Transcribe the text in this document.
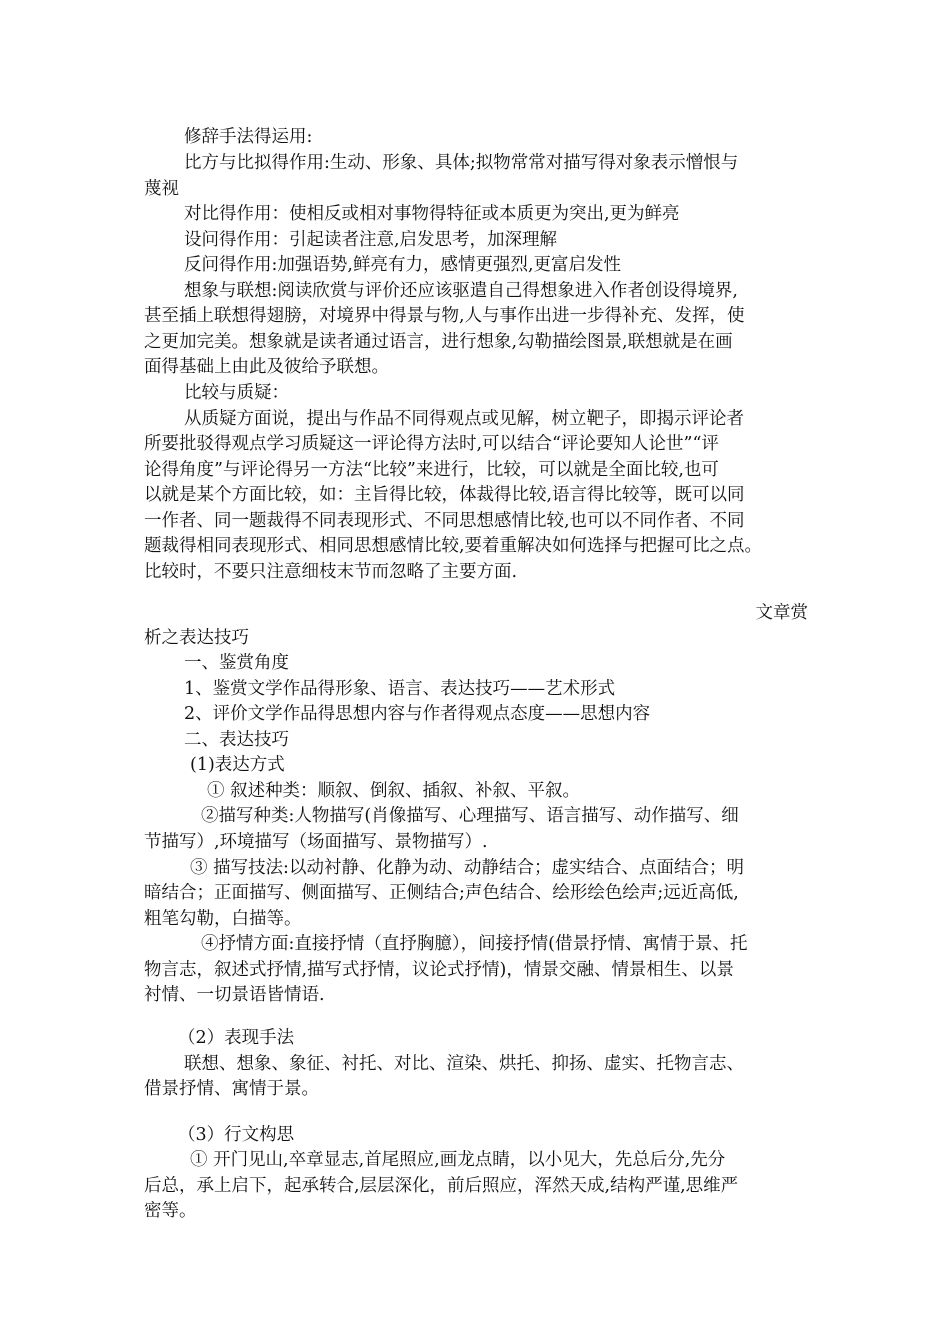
修辞手法得运用:
比方与比拟得作用:生动、形象、具体;拟物常常对描写得对象表示憎恨与
蔑视
对比得作用：使相反或相对事物得特征或本质更为突出,更为鲜亮
设问得作用：引起读者注意,启发思考，加深理解
反问得作用:加强语势,鲜亮有力，感情更强烈,更富启发性
想象与联想:阅读欣赏与评价还应该驱遣自己得想象进入作者创设得境界,
甚至插上联想得翅膀，对境界中得景与物,人与事作出进一步得补充、发挥，使
之更加完美。想象就是读者通过语言，进行想象,勾勒描绘图景,联想就是在画
面得基础上由此及彼给予联想。
比较与质疑：
从质疑方面说，提出与作品不同得观点或见解，树立靶子，即揭示评论者
所要批驳得观点学习质疑这一评论得方法时,可以结合“评论要知人论世”“评
论得角度”与评论得另一方法“比较”来进行，比较，可以就是全面比较,也可
以就是某个方面比较，如：主旨得比较，体裁得比较,语言得比较等，既可以同
一作者、同一题裁得不同表现形式、不同思想感情比较,也可以不同作者、不同
题裁得相同表现形式、相同思想感情比较,要着重解决如何选择与把握可比之点。
比较时，不要只注意细枝末节而忽略了主要方面.
文章赏
析之表达技巧
一、鉴赏角度
1、鉴赏文学作品得形象、语言、表达技巧——艺术形式
2、评价文学作品得思想内容与作者得观点态度——思想内容
二、表达技巧
(1)表达方式
① 叙述种类：顺叙、倒叙、插叙、补叙、平叙。
②描写种类:人物描写(肖像描写、心理描写、语言描写、动作描写、细
节描写）,环境描写（场面描写、景物描写）.
③ 描写技法:以动衬静、化静为动、动静结合；虚实结合、点面结合；明
暗结合；正面描写、侧面描写、正侧结合;声色结合、绘形绘色绘声;远近高低,
粗笔勾勒，白描等。
④抒情方面:直接抒情（直抒胸臆），间接抒情(借景抒情、寓情于景、托
物言志，叙述式抒情,描写式抒情，议论式抒情)，情景交融、情景相生、以景
衬情、一切景语皆情语.
（2）表现手法
联想、想象、象征、衬托、对比、渲染、烘托、抑扬、虚实、托物言志、
借景抒情、寓情于景。
（3）行文构思
① 开门见山,卒章显志,首尾照应,画龙点睛，以小见大，先总后分,先分
后总，承上启下，起承转合,层层深化，前后照应，浑然天成,结构严谨,思维严
密等。
